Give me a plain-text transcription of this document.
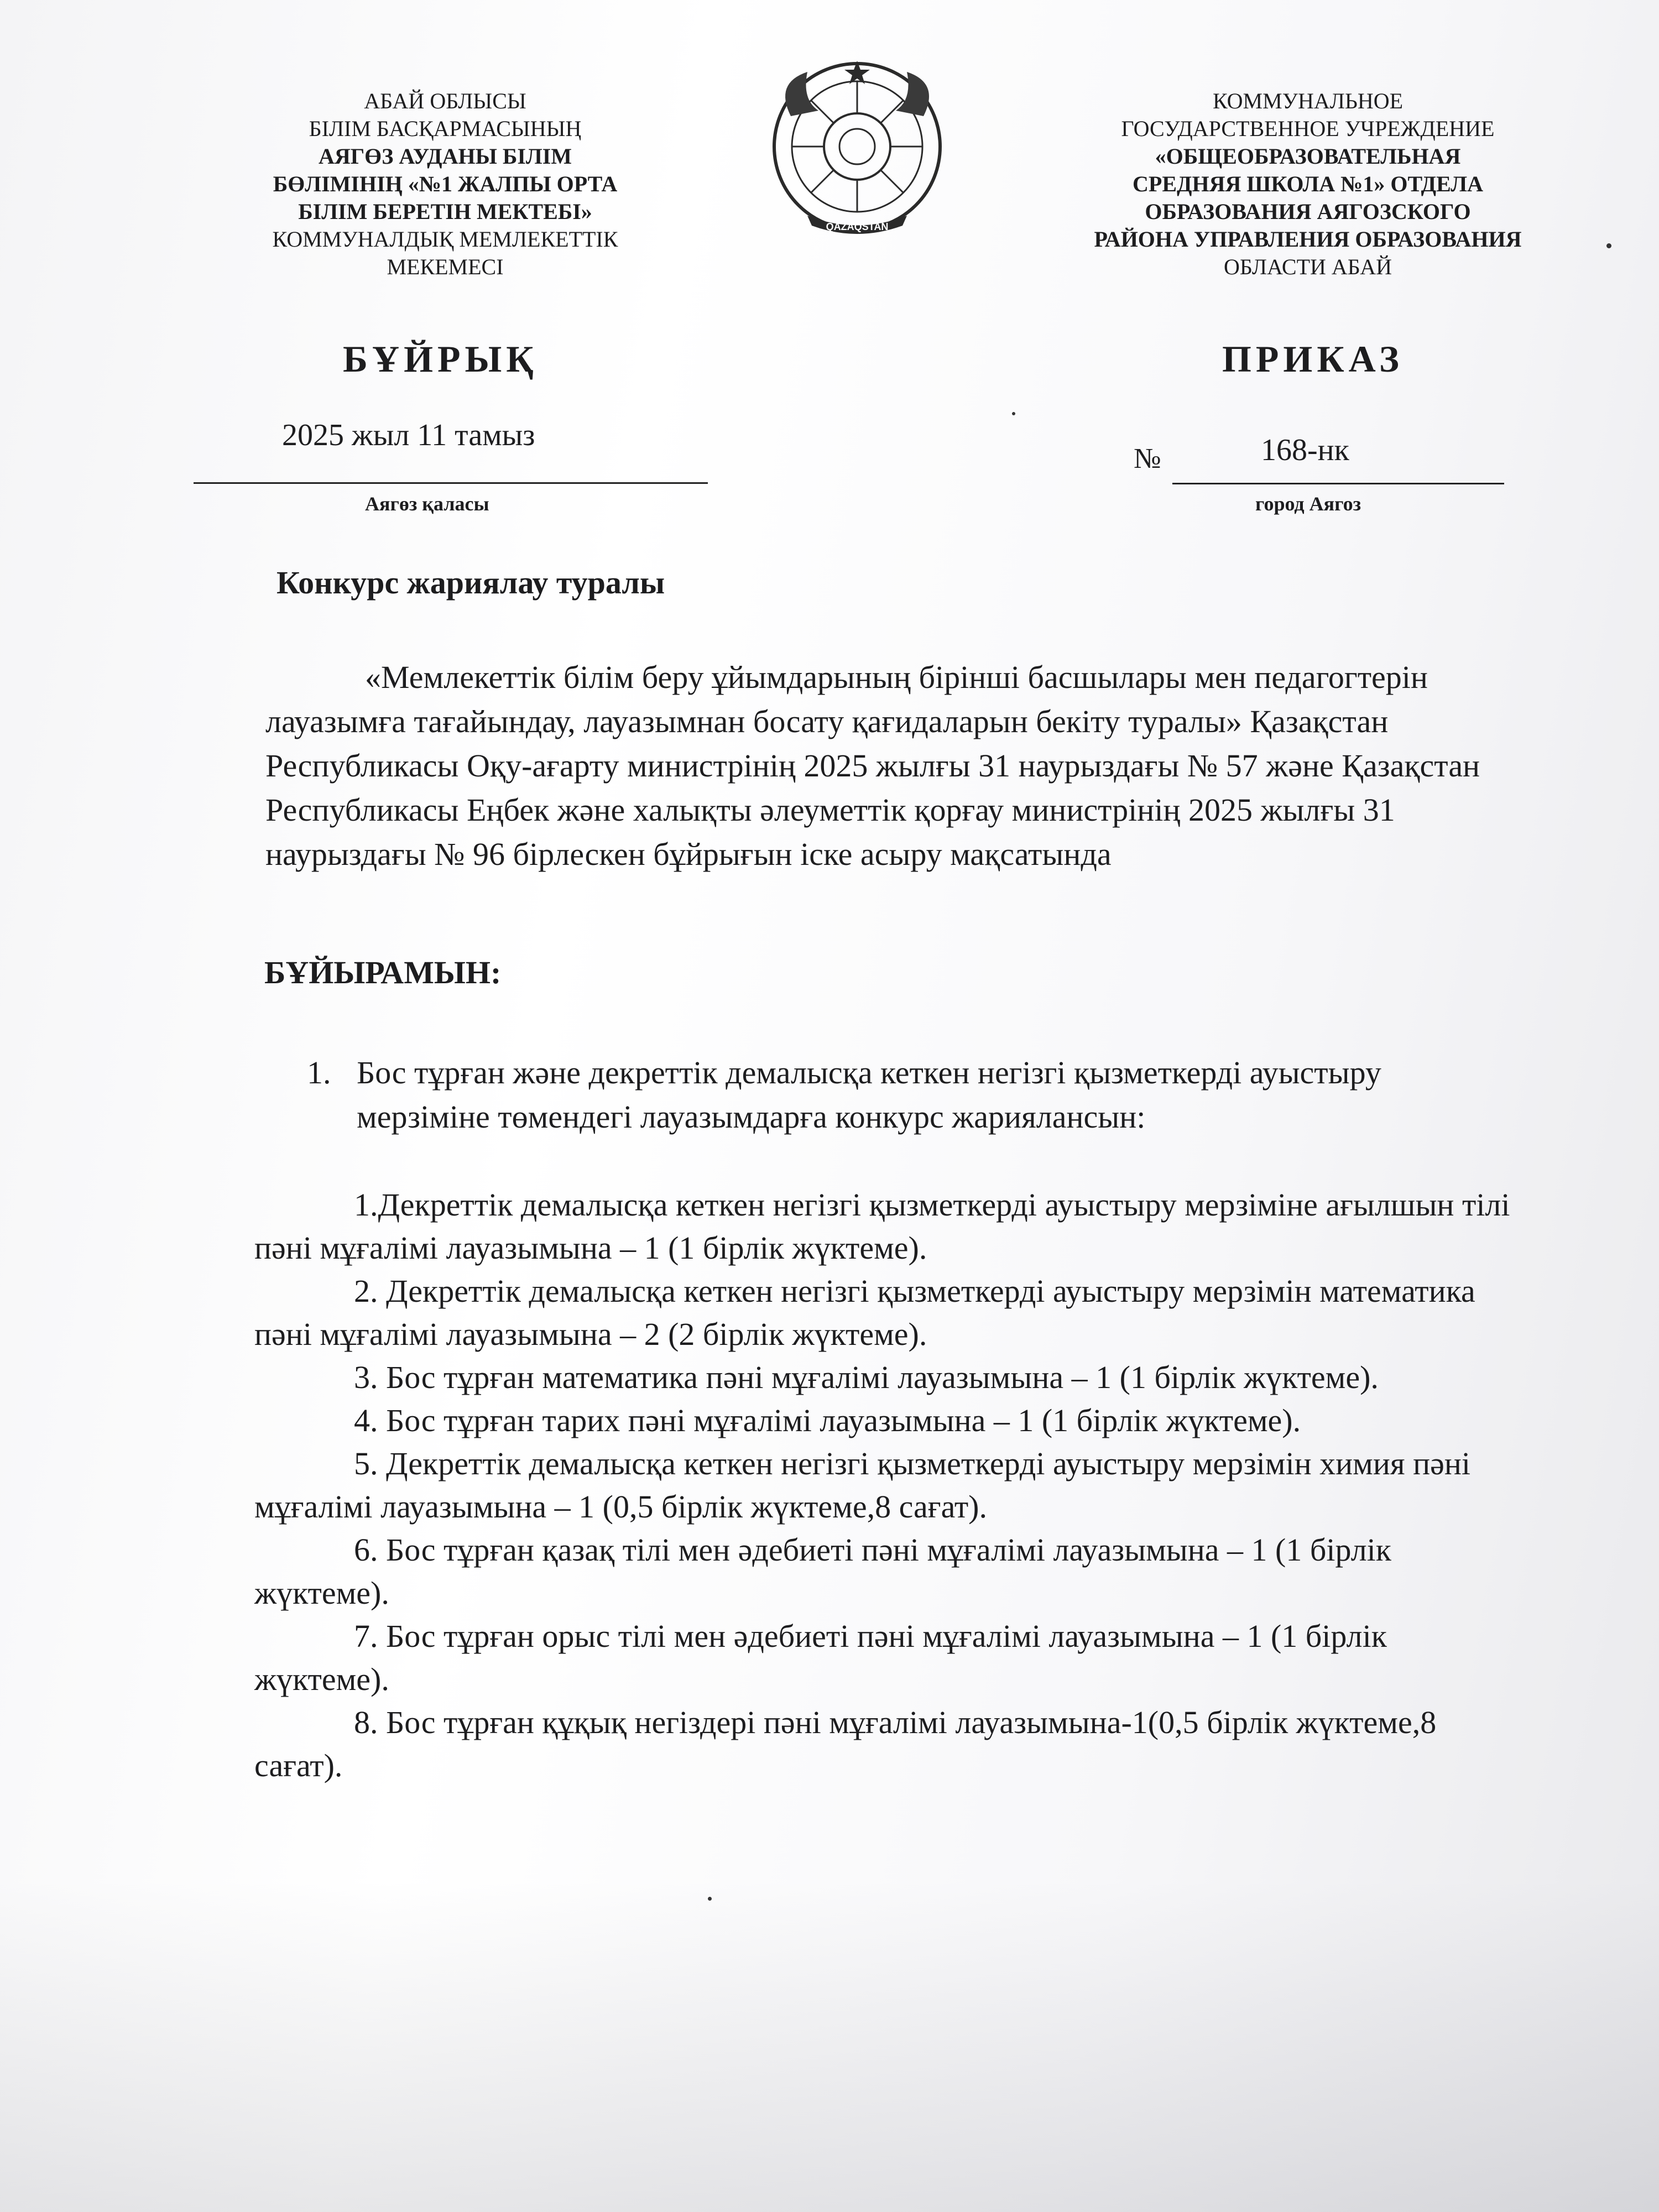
АБАЙ ОБЛЫСЫ
БІЛІМ БАСҚАРМАСЫНЫҢ
АЯГӨЗ АУДАНЫ БІЛІМ
БӨЛІМІНІҢ «№1 ЖАЛПЫ ОРТА
БІЛІМ БЕРЕТІН МЕКТЕБІ»
КОММУНАЛДЫҚ МЕМЛЕКЕТТІК
МЕКЕМЕСІ
QAZAQSTAN
КОММУНАЛЬНОЕ
ГОСУДАРСТВЕННОЕ УЧРЕЖДЕНИЕ
«ОБЩЕОБРАЗОВАТЕЛЬНАЯ
СРЕДНЯЯ ШКОЛА №1» ОТДЕЛА
ОБРАЗОВАНИЯ АЯГОЗСКОГО
РАЙОНА УПРАВЛЕНИЯ ОБРАЗОВАНИЯ
ОБЛАСТИ АБАЙ
БҰЙРЫҚ	ПРИКАЗ
2025 жыл 11 тамыз
Аягөз қаласы
№	168-нк
город Аягоз
Конкурс жариялау туралы
«Мемлекеттік білім беру ұйымдарының бірінші басшылары мен педагогтерін лауазымға тағайындау, лауазымнан босату қағидаларын бекіту туралы» Қазақстан Республикасы Оқу-ағарту министрінің 2025 жылғы 31 наурыздағы № 57 және Қазақстан Республикасы Еңбек және халықты әлеуметтік қорғау министрінің 2025 жылғы 31 наурыздағы № 96 бірлескен бұйрығын іске асыру мақсатында
БҰЙЫРАМЫН:
1. Бос тұрған және декреттік демалысқа кеткен негізгі қызметкерді ауыстыру мерзіміне төмендегі лауазымдарға конкурс жариялансын:

1.Декреттік демалысқа кеткен негізгі қызметкерді ауыстыру мерзіміне ағылшын тілі пәні мұғалімі лауазымына – 1 (1 бірлік жүктеме).

2. Декреттік демалысқа кеткен негізгі қызметкерді ауыстыру мерзімін математика пәні мұғалімі лауазымына – 2 (2 бірлік жүктеме).

3. Бос тұрған математика пәні мұғалімі лауазымына – 1 (1 бірлік жүктеме).

4. Бос тұрған тарих пәні мұғалімі лауазымына – 1 (1 бірлік жүктеме).

5. Декреттік демалысқа кеткен негізгі қызметкерді ауыстыру мерзімін химия пәні мұғалімі лауазымына – 1 (0,5 бірлік жүктеме,8 сағат).

6. Бос тұрған қазақ тілі мен әдебиеті пәні мұғалімі лауазымына – 1 (1 бірлік жүктеме).

7. Бос тұрған орыс тілі мен әдебиеті пәні мұғалімі лауазымына – 1 (1 бірлік жүктеме).

8. Бос тұрған құқық негіздері пәні мұғалімі лауазымына-1(0,5 бірлік жүктеме,8 сағат).
